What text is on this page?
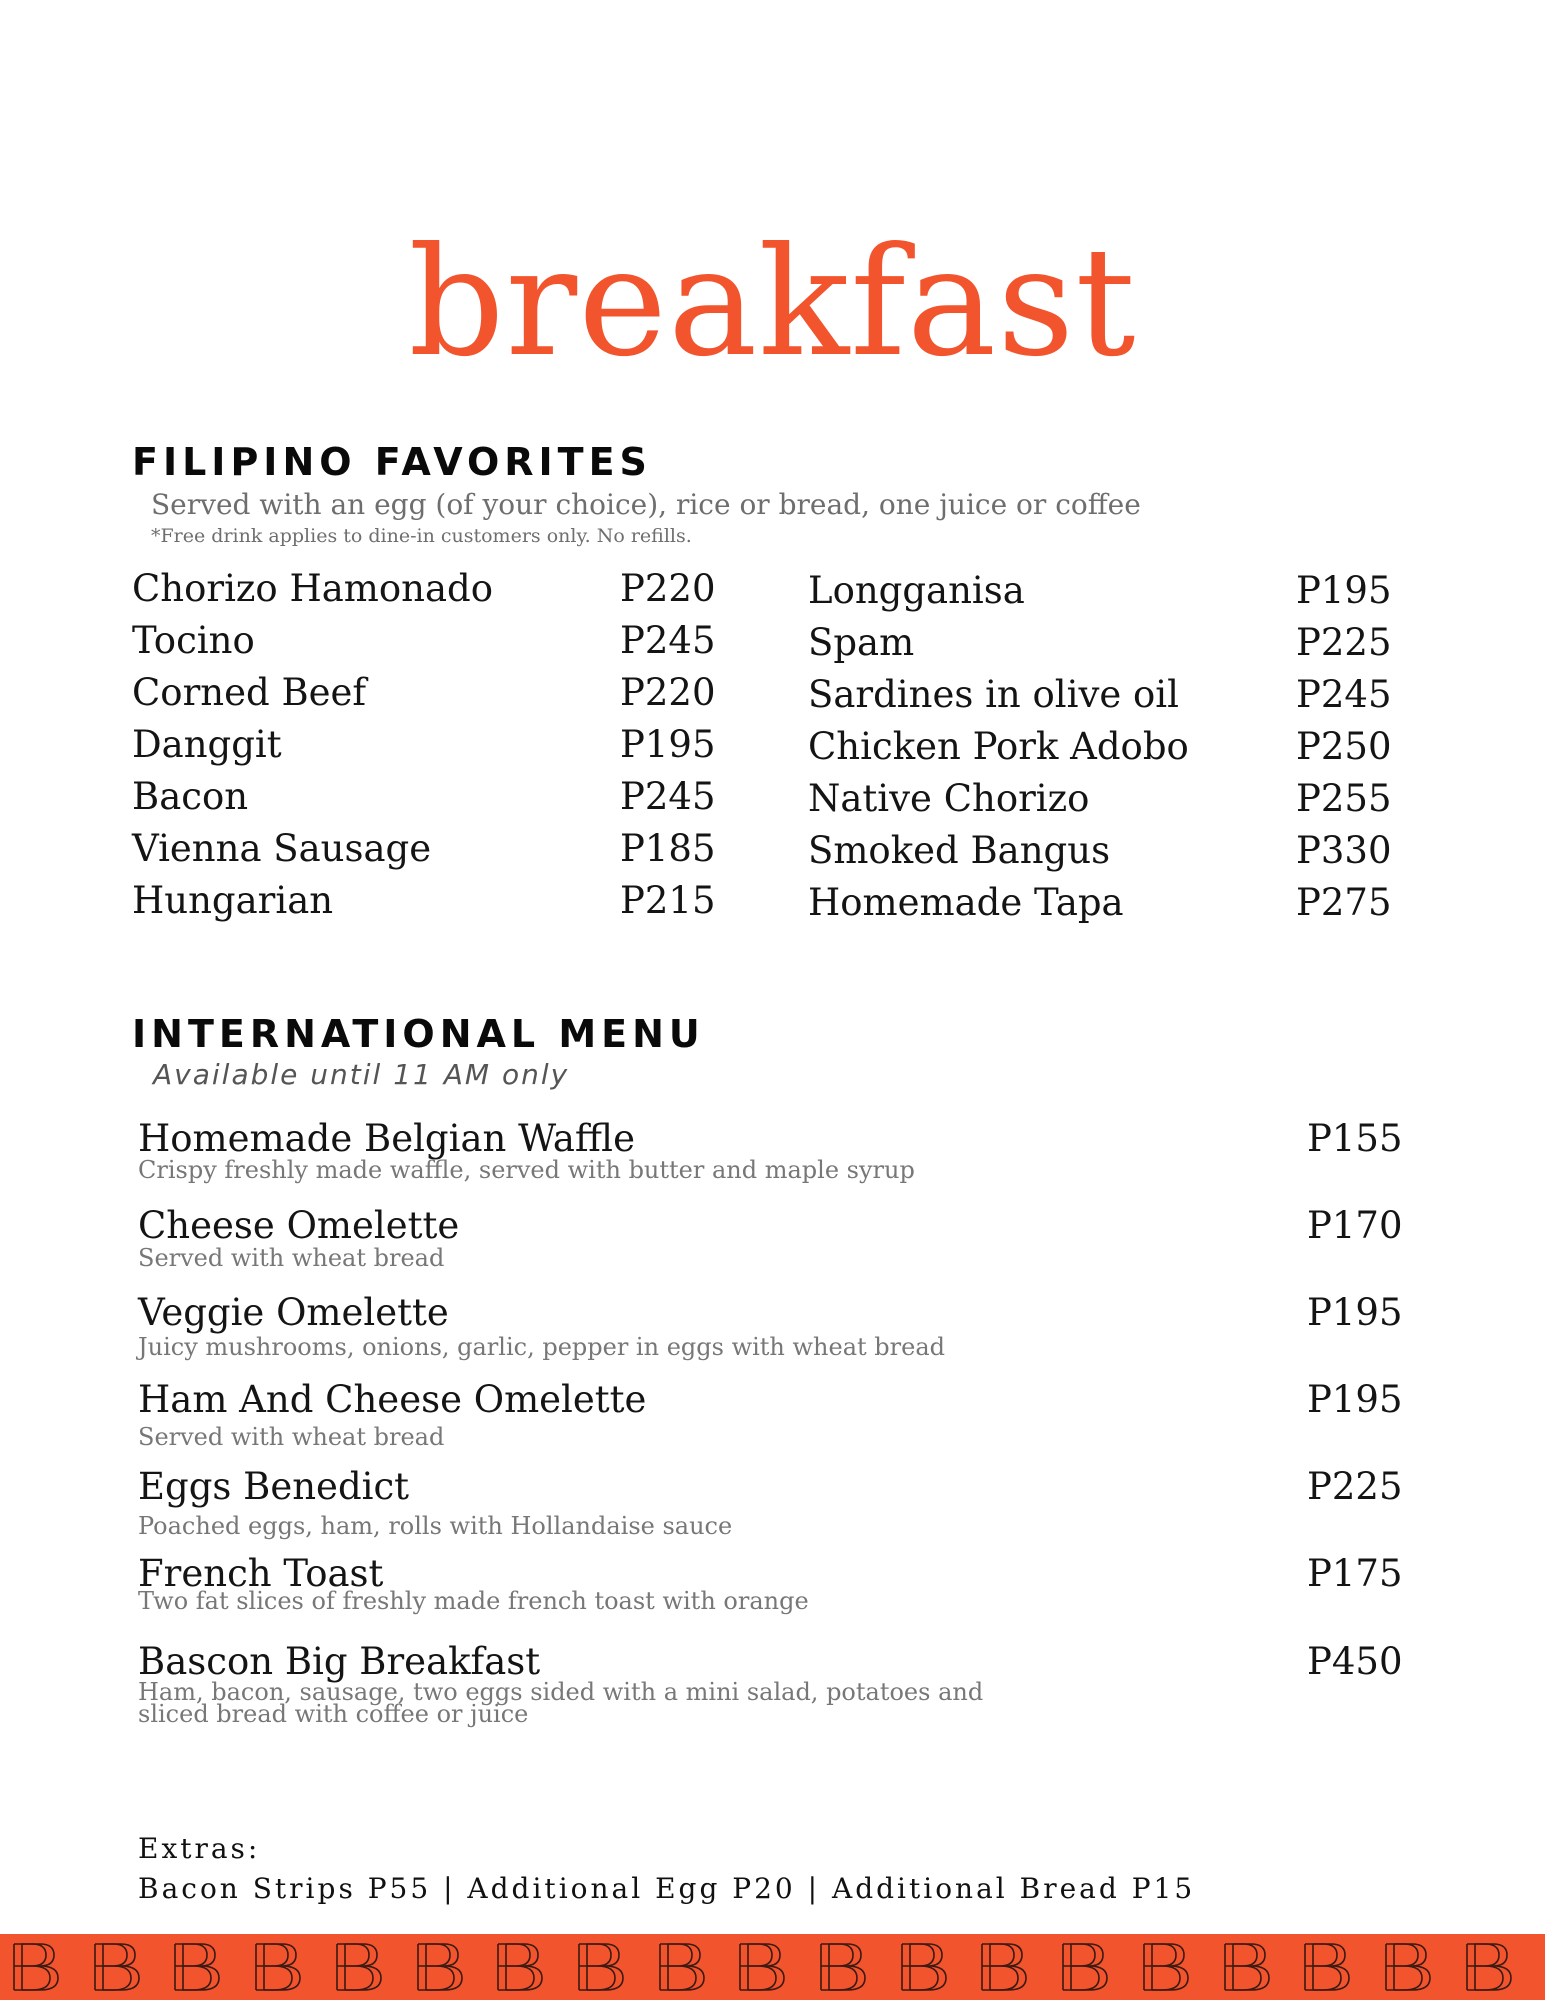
breakfast
FILIPINO FAVORITES
Served with an egg (of your choice), rice or bread, one juice or coffee
*Free drink applies to dine-in customers only. No refills.
Chorizo Hamonado	P220
Tocino	P245
Corned Beef	P220
Danggit	P195
Bacon	P245
Vienna Sausage	P185
Hungarian	P215
Longganisa	P195
Spam	P225
Sardines in olive oil	P245
Chicken Pork Adobo	P250
Native Chorizo	P255
Smoked Bangus	P330
Homemade Tapa	P275
INTERNATIONAL MENU
Available until 11 AM only
Homemade Belgian Waffle
Crispy freshly made waffle, served with butter and maple syrup
P155
Cheese Omelette
Served with wheat bread
P170
Veggie Omelette
Juicy mushrooms, onions, garlic, pepper in eggs with wheat bread
P195
Ham And Cheese Omelette
Served with wheat bread
P195
Eggs Benedict
Poached eggs, ham, rolls with Hollandaise sauce
P225
French Toast
Two fat slices of freshly made french toast with orange
P175
Bascon Big Breakfast
Ham, bacon, sausage, two eggs sided with a mini salad, potatoes and sliced bread with coffee or juice
P450
Extras:
Bacon Strips P55 | Additional Egg P20 | Additional Bread P15
